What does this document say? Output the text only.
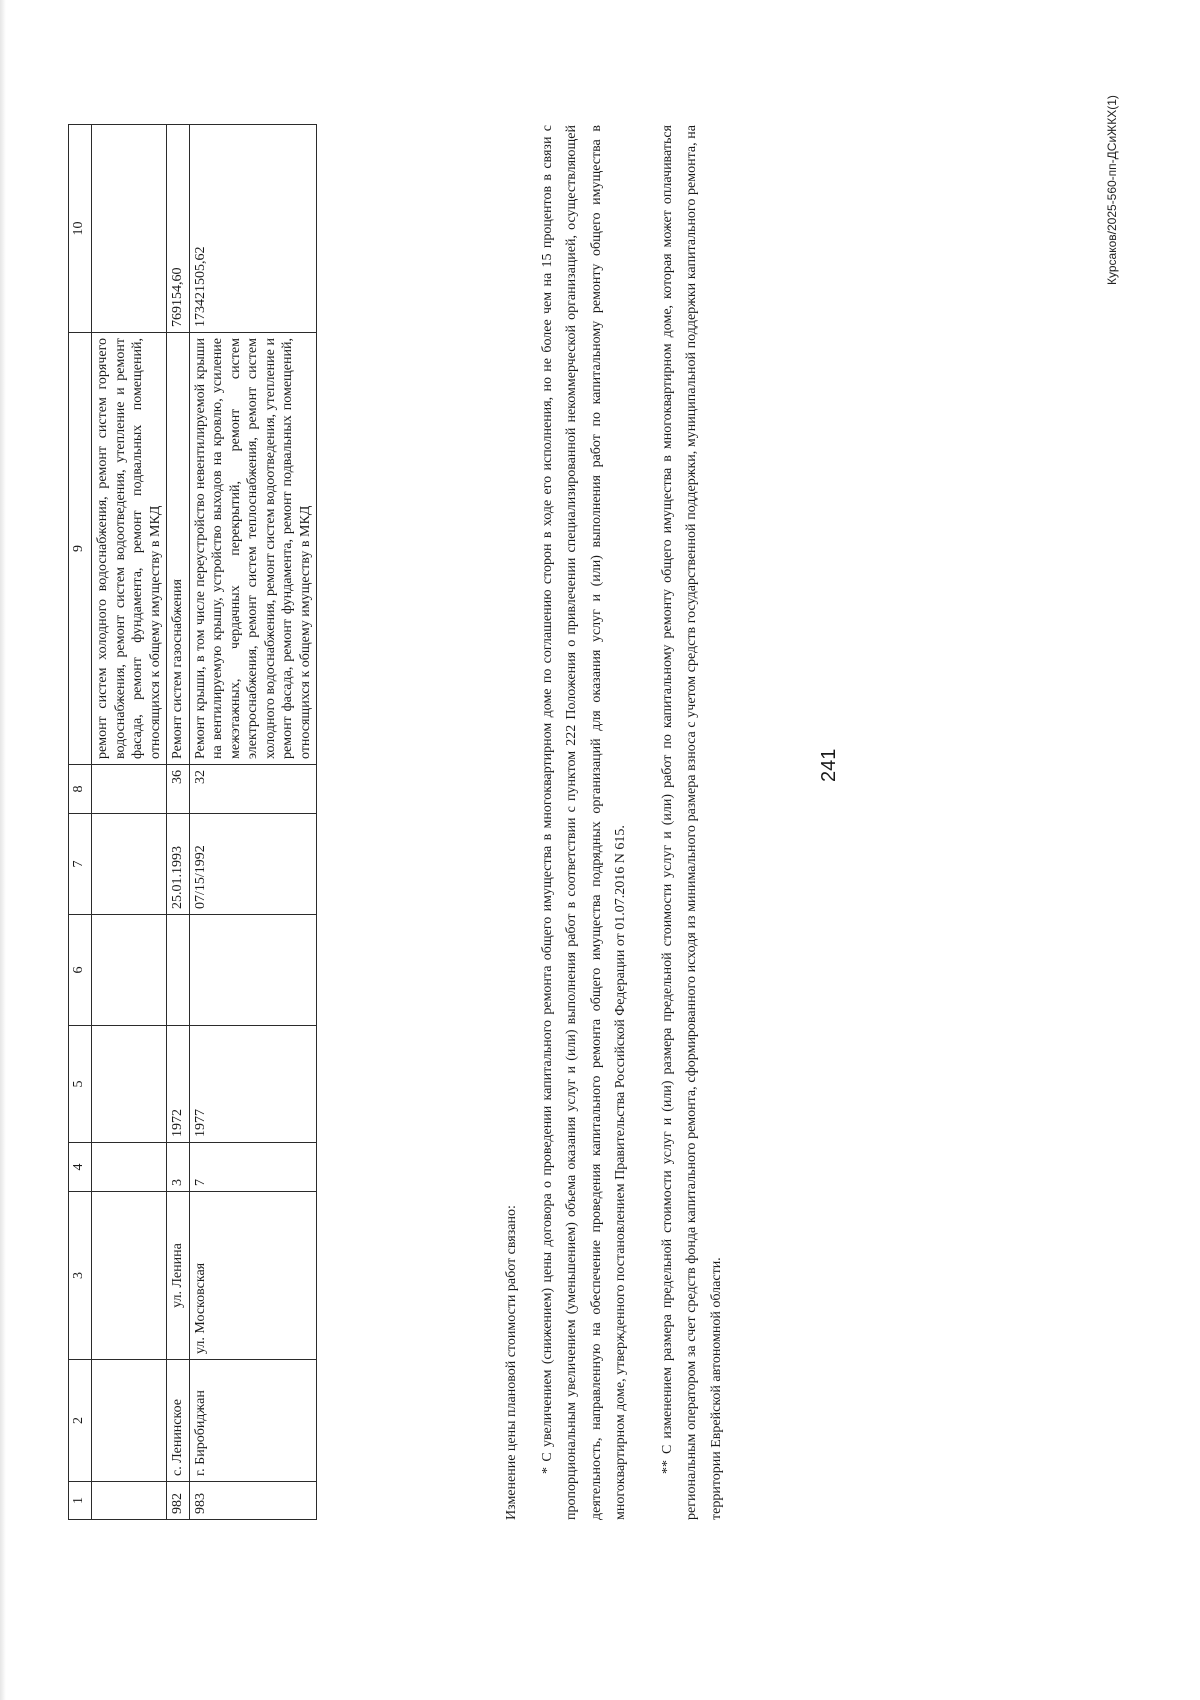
241
1	2	3	4	5	6	7	8	9	10
								ремонт систем холодного водоснабжения, ремонт систем горячего водоснабжения, ремонт систем водоотведения, утепление и ремонт фасада, ремонт фундамента, ремонт подвальных помещений, относящихся к общему имуществу в МКД	
982	с. Ленинское	ул. Ленина	3	1972		25.01.1993	36	Ремонт систем газоснабжения	769154,60
983	г. Биробиджан	ул. Московская	7	1977		07/15/1992	32	Ремонт крыши, в том числе переустройство невентилируемой крыши на вентилируемую крышу, устройство выходов на кровлю, усиление межэтажных, чердачных перекрытий, ремонт систем электроснабжения, ремонт систем теплоснабжения, ремонт систем холодного водоснабжения, ремонт систем водоотведения, утепление и ремонт фасада, ремонт фундамента, ремонт подвальных помещений, относящихся к общему имуществу в МКД	173421505,62

Изменение цены плановой стоимости работ связано:	* С увеличением (снижением) цены договора о проведении капитального ремонта общего имущества в многоквартирном доме по соглашению сторон в ходе его исполнения, но не более чем на 15 процентов в связи с пропорциональным увеличением (уменьшением) объема оказания услуг и (или) выполнения работ в соответствии с пунктом 222 Положения о привлечении специализированной некоммерческой организацией, осуществляющей деятельность, направленную на обеспечение проведения капитального ремонта общего имущества подрядных организаций для оказания услуг и (или) выполнения работ по капитальному ремонту общего имущества в многоквартирном доме, утвержденного постановлением Правительства Российской Федерации от 01.07.2016 N 615.	** С изменением размера предельной стоимости услуг и (или) размера предельной стоимости услуг и (или) работ по капитальному ремонту общего имущества в многоквартирном доме, которая может оплачиваться региональным оператором за счет средств фонда капитального ремонта, сформированного исходя из минимального размера взноса с учетом средств государственной поддержки, муниципальной поддержки капитального ремонта, на территории Еврейской автономной области.

Курсаков/2025-560-пп-ДСиЖКХ(1)
